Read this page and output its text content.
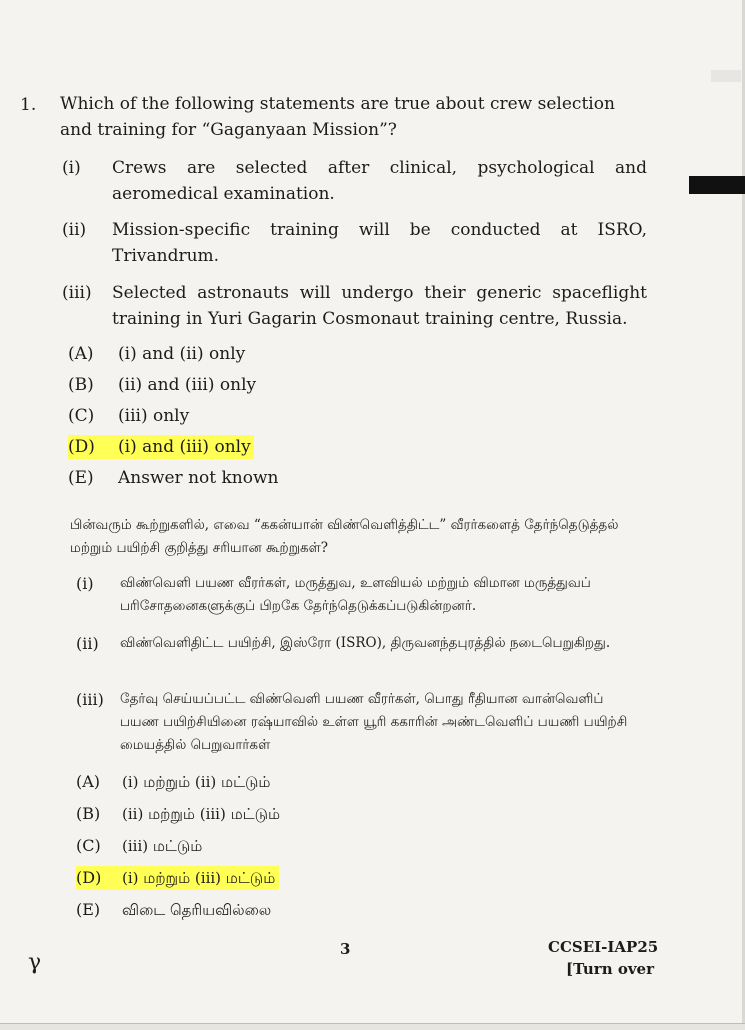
1. Which of the following statements are true about crew selection and training for “Gaganyaan Mission”?
(i) Crews are selected after clinical, psychological and aeromedical examination.
(ii) Mission-specific training will be conducted at ISRO, Trivandrum.
(iii) Selected astronauts will undergo their generic spaceflight training in Yuri Gagarin Cosmonaut training centre, Russia.
(A) (i) and (ii) only
(B) (ii) and (iii) only
(C) (iii) only
(D) (i) and (iii) only
(E) Answer not known
பின்வரும் கூற்றுகளில், எவை “ககன்யான் விண்வெளித்திட்ட” வீரர்களைத் தேர்ந்தெடுத்தல் மற்றும் பயிற்சி குறித்து சரியான கூற்றுகள்?
(i) விண்வெளி பயண வீரர்கள், மருத்துவ, உளவியல் மற்றும் விமான மருத்துவப் பரிசோதனைகளுக்குப் பிறகே தேர்ந்தெடுக்கப்படுகின்றனர்.
(ii) விண்வெளிதிட்ட பயிற்சி, இஸ்ரோ (ISRO), திருவனந்தபுரத்தில் நடைபெறுகிறது.
(iii) தேர்வு செய்யப்பட்ட விண்வெளி பயண வீரர்கள், பொது ரீதியான வான்வெளிப் பயண பயிற்சியினை ரஷ்யாவில் உள்ள யூரி ககாரின் அண்டவெளிப் பயணி பயிற்சி மையத்தில் பெறுவார்கள்
(A) (i) மற்றும் (ii) மட்டும்
(B) (ii) மற்றும் (iii) மட்டும்
(C) (iii) மட்டும்
(D) (i) மற்றும் (iii) மட்டும்
(E) விடை தெரியவில்லை
γ
3	CCSEI-IAP25
[Turn over
